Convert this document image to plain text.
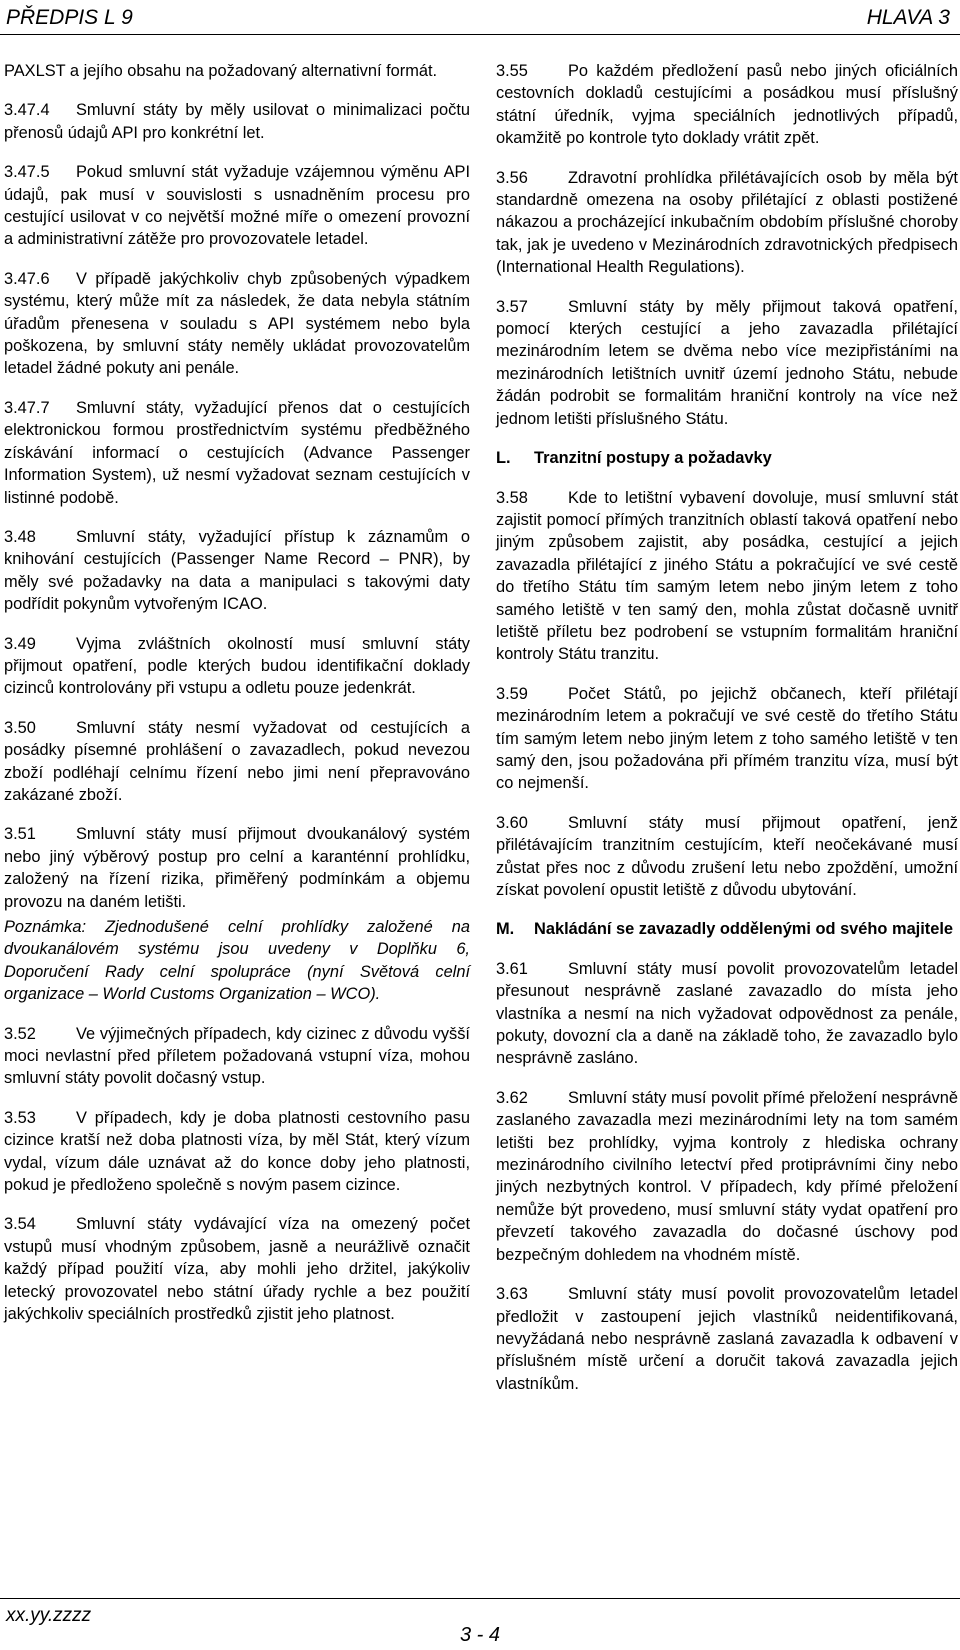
PŘEDPIS L 9	HLAVA 3

PAXLST a jejího obsahu na požadovaný alternativní formát.

3.47.4 Smluvní státy by měly usilovat o minimalizaci počtu přenosů údajů API pro konkrétní let.

3.47.5 Pokud smluvní stát vyžaduje vzájemnou výměnu API údajů, pak musí v souvislosti s usnadněním procesu pro cestující usilovat v co největší možné míře o omezení provozní a administrativní zátěže pro provozovatele letadel.

3.47.6 V případě jakýchkoliv chyb způsobených výpadkem systému, který může mít za následek, že data nebyla státním úřadům přenesena v souladu s API systémem nebo byla poškozena, by smluvní státy neměly ukládat provozovatelům letadel žádné pokuty ani penále.

3.47.7 Smluvní státy, vyžadující přenos dat o cestujících elektronickou formou prostřednictvím systému předběžného získávání informací o cestujících (Advance Passenger Information System), už nesmí vyžadovat seznam cestujících v listinné podobě.

3.48 Smluvní státy, vyžadující přístup k záznamům o knihování cestujících (Passenger Name Record – PNR), by měly své požadavky na data a manipulaci s takovými daty podřídit pokynům vytvořeným ICAO.

3.49 Vyjma zvláštních okolností musí smluvní státy přijmout opatření, podle kterých budou identifikační doklady cizinců kontrolovány při vstupu a odletu pouze jedenkrát.

3.50 Smluvní státy nesmí vyžadovat od cestujících a posádky písemné prohlášení o zavazadlech, pokud nevezou zboží podléhají celnímu řízení nebo jimi není přepravováno zakázané zboží.

3.51 Smluvní státy musí přijmout dvoukanálový systém nebo jiný výběrový postup pro celní a karanténní prohlídku, založený na řízení rizika, přiměřený podmínkám a objemu provozu na daném letišti.

Poznámka: Zjednodušené celní prohlídky založené na dvoukanálovém systému jsou uvedeny v Doplňku 6, Doporučení Rady celní spolupráce (nyní Světová celní organizace – World Customs Organization – WCO).

3.52 Ve výjimečných případech, kdy cizinec z důvodu vyšší moci nevlastní před příletem požadovaná vstupní víza, mohou smluvní státy povolit dočasný vstup.

3.53 V případech, kdy je doba platnosti cestovního pasu cizince kratší než doba platnosti víza, by měl Stát, který vízum vydal, vízum dále uznávat až do konce doby jeho platnosti, pokud je předloženo společně s novým pasem cizince.

3.54 Smluvní státy vydávající víza na omezený počet vstupů musí vhodným způsobem, jasně a neurážlivě označit každý případ použití víza, aby mohli jeho držitel, jakýkoliv letecký provozovatel nebo státní úřady rychle a bez použití jakýchkoliv speciálních prostředků zjistit jeho platnost.

3.55 Po každém předložení pasů nebo jiných oficiálních cestovních dokladů cestujícími a posádkou musí příslušný státní úředník, vyjma speciálních jednotlivých případů, okamžitě po kontrole tyto doklady vrátit zpět.

3.56 Zdravotní prohlídka přilétávajících osob by měla být standardně omezena na osoby přilétající z oblasti postižené nákazou a procházející inkubačním obdobím příslušné choroby tak, jak je uvedeno v Mezinárodních zdravotnických předpisech (International Health Regulations).

3.57 Smluvní státy by měly přijmout taková opatření, pomocí kterých cestující a jeho zavazadla přilétající mezinárodním letem se dvěma nebo více mezipřistáními na mezinárodních letištních uvnitř území jednoho Státu, nebude žádán podrobit se formalitám hraniční kontroly na více než jednom letišti příslušného Státu.

L.	Tranzitní postupy a požadavky

3.58 Kde to letištní vybavení dovoluje, musí smluvní stát zajistit pomocí přímých tranzitních oblastí taková opatření nebo jiným způsobem zajistit, aby posádka, cestující a jejich zavazadla přilétající z jiného Státu a pokračující ve své cestě do třetího Státu tím samým letem nebo jiným letem z toho samého letiště v ten samý den, mohla zůstat dočasně uvnitř letiště příletu bez podrobení se vstupním formalitám hraniční kontroly Státu tranzitu.

3.59 Počet Států, po jejichž občanech, kteří přilétají mezinárodním letem a pokračují ve své cestě do třetího Státu tím samým letem nebo jiným letem z toho samého letiště v ten samý den, jsou požadována při přímém tranzitu víza, musí být co nejmenší.

3.60 Smluvní státy musí přijmout opatření, jenž přilétávajícím tranzitním cestujícím, kteří neočekávané musí zůstat přes noc z důvodu zrušení letu nebo zpoždění, umožní získat povolení opustit letiště z důvodu ubytování.

M.	Nakládání se zavazadly oddělenými od svého majitele

3.61 Smluvní státy musí povolit provozovatelům letadel přesunout nesprávně zaslané zavazadlo do místa jeho vlastníka a nesmí na nich vyžadovat odpovědnost za penále, pokuty, dovozní cla a daně na základě toho, že zavazadlo bylo nesprávně zasláno.

3.62 Smluvní státy musí povolit přímé přeložení nesprávně zaslaného zavazadla mezi mezinárodními lety na tom samém letišti bez prohlídky, vyjma kontroly z hlediska ochrany mezinárodního civilního letectví před protiprávními činy nebo jiných nezbytných kontrol. V případech, kdy přímé přeložení nemůže být provedeno, musí smluvní státy vydat opatření pro převzetí takového zavazadla do dočasné úschovy pod bezpečným dohledem na vhodném místě.

3.63 Smluvní státy musí povolit provozovatelům letadel předložit v zastoupení jejich vlastníků neidentifikovaná, nevyžádaná nebo nesprávně zaslaná zavazadla k odbavení v příslušném místě určení a doručit taková zavazadla jejich vlastníkům.

xx.yy.zzzz
3 - 4
